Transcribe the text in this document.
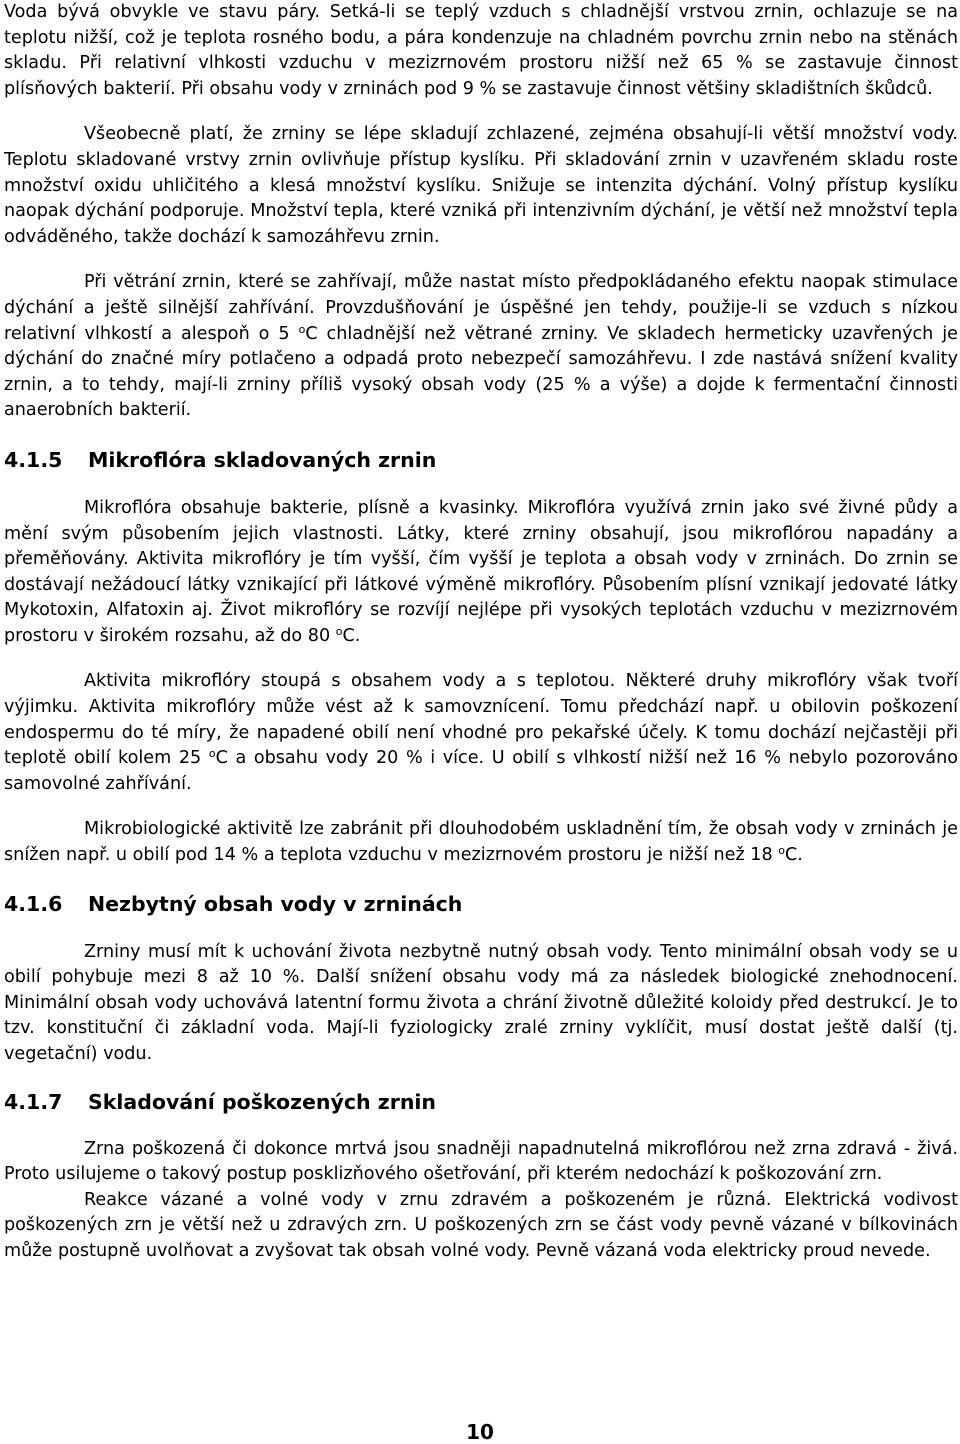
Voda bývá obvykle ve stavu páry. Setká-li se teplý vzduch s chladnější vrstvou zrnin, ochlazuje se na teplotu nižší, což je teplota rosného bodu, a pára kondenzuje na chladném povrchu zrnin nebo na stěnách skladu. Při relativní vlhkosti vzduchu v mezizrnovém prostoru nižší než 65 % se zastavuje činnost plísňových bakterií. Při obsahu vody v zrninách pod 9 % se zastavuje činnost většiny skladištních škůdců.

Všeobecně platí, že zrniny se lépe skladují zchlazené, zejména obsahují-li větší množství vody. Teplotu skladované vrstvy zrnin ovlivňuje přístup kyslíku. Při skladování zrnin v uzavřeném skladu roste množství oxidu uhličitého a klesá množství kyslíku. Snižuje se intenzita dýchání. Volný přístup kyslíku naopak dýchání podporuje. Množství tepla, které vzniká při intenzivním dýchání, je větší než množství tepla odváděného, takže dochází k samozáhřevu zrnin.

Při větrání zrnin, které se zahřívají, může nastat místo předpokládaného efektu naopak stimulace dýchání a ještě silnější zahřívání. Provzdušňování je úspěšné jen tehdy, použije-li se vzduch s nízkou relativní vlhkostí a alespoň o 5 $^o$C chladnější než větrané zrniny. Ve skladech hermeticky uzavřených je dýchání do značné míry potlačeno a odpadá proto nebezpečí samozáhřevu. I zde nastává snížení kvality zrnin, a to tehdy, mají-li zrniny příliš vysoký obsah vody (25 % a výše) a dojde k fermentační činnosti anaerobních bakterií.

4.1.5	Mikroflóra skladovaných zrnin

Mikroflóra obsahuje bakterie, plísně a kvasinky. Mikroflóra využívá zrnin jako své živné půdy a mění svým působením jejich vlastnosti. Látky, které zrniny obsahují, jsou mikroflórou napadány a přeměňovány. Aktivita mikroflóry je tím vyšší, čím vyšší je teplota a obsah vody v zrninách. Do zrnin se dostávají nežádoucí látky vznikající při látkové výměně mikroflóry. Působením plísní vznikají jedovaté látky Mykotoxin, Alfatoxin aj. Život mikroflóry se rozvíjí nejlépe při vysokých teplotách vzduchu v mezizrnovém prostoru v širokém rozsahu, až do 80 $^o$C.

Aktivita mikroflóry stoupá s obsahem vody a s teplotou. Některé druhy mikroflóry však tvoří výjimku. Aktivita mikroflóry může vést až k samovznícení. Tomu předchází např. u obilovin poškození endospermu do té míry, že napadené obilí není vhodné pro pekařské účely. K tomu dochází nejčastěji při teplotě obilí kolem 25 $^o$C a obsahu vody 20 % i více. U obilí s vlhkostí nižší než 16 % nebylo pozorováno samovolné zahřívání.

Mikrobiologické aktivitě lze zabránit při dlouhodobém uskladnění tím, že obsah vody v zrninách je snížen např. u obilí pod 14 % a teplota vzduchu v mezizrnovém prostoru je nižší než 18 $^o$C.

4.1.6	Nezbytný obsah vody v zrninách

Zrniny musí mít k uchování života nezbytně nutný obsah vody. Tento minimální obsah vody se u obilí pohybuje mezi 8 až 10 %. Další snížení obsahu vody má za následek biologické znehodnocení. Minimální obsah vody uchovává latentní formu života a chrání životně důležité koloidy před destrukcí. Je to tzv. konstituční či základní voda. Mají-li fyziologicky zralé zrniny vyklíčit, musí dostat ještě další (tj. vegetační) vodu.

4.1.7	Skladování poškozených zrnin

Zrna poškozená či dokonce mrtvá jsou snadněji napadnutelná mikroflórou než zrna zdravá - živá. Proto usilujeme o takový postup posklizňového ošetřování, při kterém nedochází k poškozování zrn.

Reakce vázané a volné vody v zrnu zdravém a poškozeném je různá. Elektrická vodivost poškozených zrn je větší než u zdravých zrn. U poškozených zrn se část vody pevně vázané v bílkovinách může postupně uvolňovat a zvyšovat tak obsah volné vody. Pevně vázaná voda elektricky proud nevede.

10
